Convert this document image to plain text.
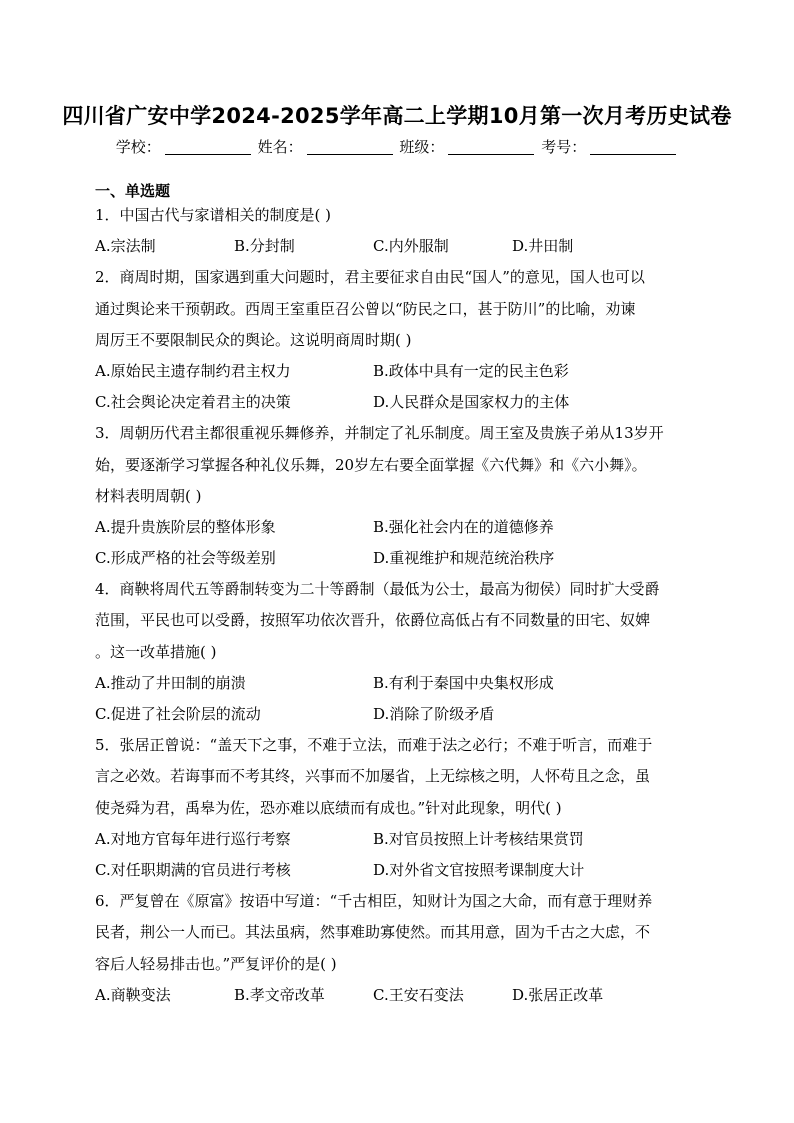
四川省广安中学2024-2025学年高二上学期10月第一次月考历史试卷
学校：	姓名：	班级：	考号：
一、单选题
1．中国古代与家谱相关的制度是( )
A.宗法制	B.分封制	C.内外服制	D.井田制
2．商周时期，国家遇到重大问题时，君主要征求自由民“国人”的意见，国人也可以
通过舆论来干预朝政。西周王室重臣召公曾以“防民之口，甚于防川”的比喻，劝谏
周厉王不要限制民众的舆论。这说明商周时期( )
A.原始民主遗存制约君主权力	B.政体中具有一定的民主色彩
C.社会舆论决定着君主的决策	D.人民群众是国家权力的主体
3．周朝历代君主都很重视乐舞修养，并制定了礼乐制度。周王室及贵族子弟从13岁开
始，要逐渐学习掌握各种礼仪乐舞，20岁左右要全面掌握《六代舞》和《六小舞》。
材料表明周朝( )
A.提升贵族阶层的整体形象	B.强化社会内在的道德修养
C.形成严格的社会等级差别	D.重视维护和规范统治秩序
4．商鞅将周代五等爵制转变为二十等爵制（最低为公士，最高为彻侯）同时扩大受爵
范围，平民也可以受爵，按照军功依次晋升，依爵位高低占有不同数量的田宅、奴婢
。这一改革措施( )
A.推动了井田制的崩溃	B.有利于秦国中央集权形成
C.促进了社会阶层的流动	D.消除了阶级矛盾
5．张居正曾说：“盖天下之事，不难于立法，而难于法之必行；不难于听言，而难于
言之必效。若诲事而不考其终，兴事而不加屡省，上无综核之明，人怀苟且之念，虽
使尧舜为君，禹皋为佐，恐亦难以底绩而有成也。”针对此现象，明代( )
A.对地方官每年进行巡行考察	B.对官员按照上计考核结果赏罚
C.对任职期满的官员进行考核	D.对外省文官按照考课制度大计
6．严复曾在《原富》按语中写道：“千古相臣，知财计为国之大命，而有意于理财养
民者，荆公一人而已。其法虽病，然事难助寡使然。而其用意，固为千古之大虑，不
容后人轻易排击也。”严复评价的是( )
A.商鞅变法	B.孝文帝改革	C.王安石变法	D.张居正改革
